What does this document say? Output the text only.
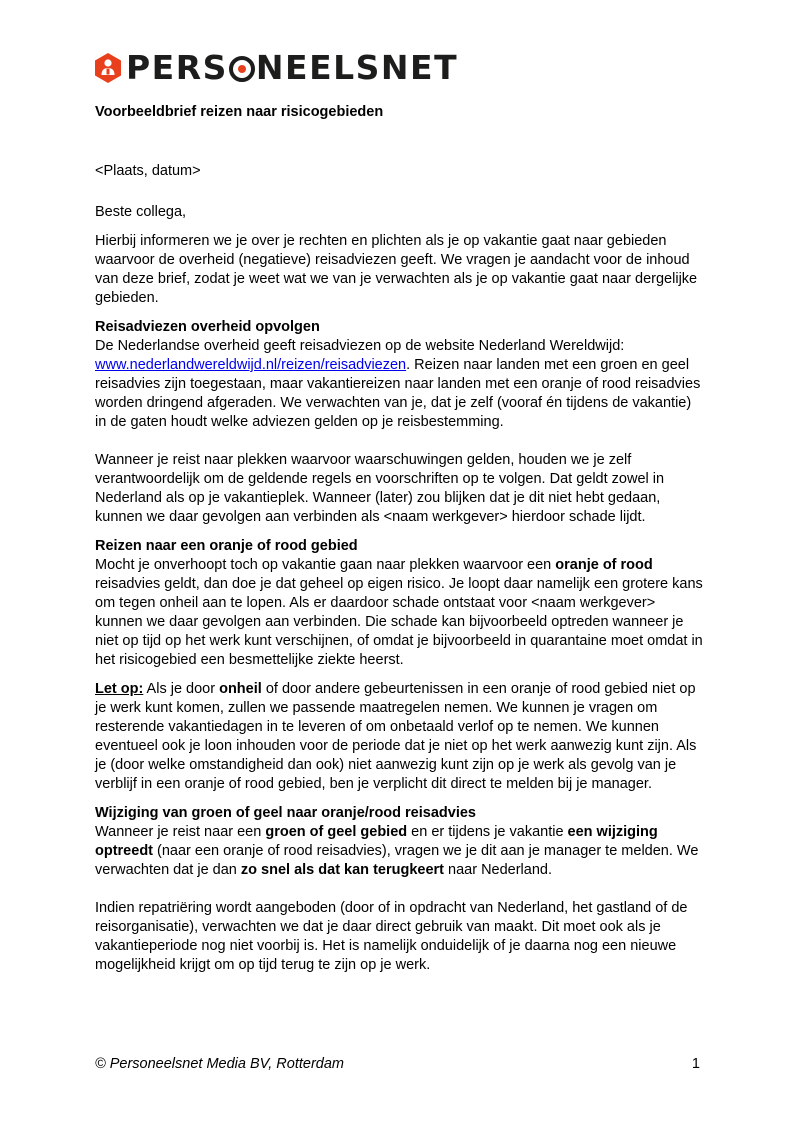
PERS NEELSNET

Voorbeeldbrief reizen naar risicogebieden

<Plaats, datum>

Beste collega,

Hierbij informeren we je over je rechten en plichten als je op vakantie gaat naar gebieden waarvoor de overheid (negatieve) reisadviezen geeft. We vragen je aandacht voor de inhoud van deze brief, zodat je weet wat we van je verwachten als je op vakantie gaat naar dergelijke gebieden.

Reisadviezen overheid opvolgen

De Nederlandse overheid geeft reisadviezen op de website Nederland Wereldwijd: www.nederlandwereldwijd.nl/reizen/reisadviezen. Reizen naar landen met een groen en geel reisadvies zijn toegestaan, maar vakantiereizen naar landen met een oranje of rood reisadvies worden dringend afgeraden. We verwachten van je, dat je zelf (vooraf én tijdens de vakantie) in de gaten houdt welke adviezen gelden op je reisbestemming.

Wanneer je reist naar plekken waarvoor waarschuwingen gelden, houden we je zelf verantwoordelijk om de geldende regels en voorschriften op te volgen. Dat geldt zowel in Nederland als op je vakantieplek. Wanneer (later) zou blijken dat je dit niet hebt gedaan, kunnen we daar gevolgen aan verbinden als <naam werkgever> hierdoor schade lijdt.

Reizen naar een oranje of rood gebied

Mocht je onverhoopt toch op vakantie gaan naar plekken waarvoor een oranje of rood reisadvies geldt, dan doe je dat geheel op eigen risico. Je loopt daar namelijk een grotere kans om tegen onheil aan te lopen. Als er daardoor schade ontstaat voor <naam werkgever> kunnen we daar gevolgen aan verbinden. Die schade kan bijvoorbeeld optreden wanneer je niet op tijd op het werk kunt verschijnen, of omdat je bijvoorbeeld in quarantaine moet omdat in het risicogebied een besmettelijke ziekte heerst.

Let op: Als je door onheil of door andere gebeurtenissen in een oranje of rood gebied niet op je werk kunt komen, zullen we passende maatregelen nemen. We kunnen je vragen om resterende vakantiedagen in te leveren of om onbetaald verlof op te nemen. We kunnen eventueel ook je loon inhouden voor de periode dat je niet op het werk aanwezig kunt zijn. Als je (door welke omstandigheid dan ook) niet aanwezig kunt zijn op je werk als gevolg van je verblijf in een oranje of rood gebied, ben je verplicht dit direct te melden bij je manager.

Wijziging van groen of geel naar oranje/rood reisadvies

Wanneer je reist naar een groen of geel gebied en er tijdens je vakantie een wijziging optreedt (naar een oranje of rood reisadvies), vragen we je dit aan je manager te melden. We verwachten dat je dan zo snel als dat kan terugkeert naar Nederland.

Indien repatriëring wordt aangeboden (door of in opdracht van Nederland, het gastland of de reisorganisatie), verwachten we dat je daar direct gebruik van maakt. Dit moet ook als je vakantieperiode nog niet voorbij is. Het is namelijk onduidelijk of je daarna nog een nieuwe mogelijkheid krijgt om op tijd terug te zijn op je werk.

© Personeelsnet Media BV, Rotterdam	1
